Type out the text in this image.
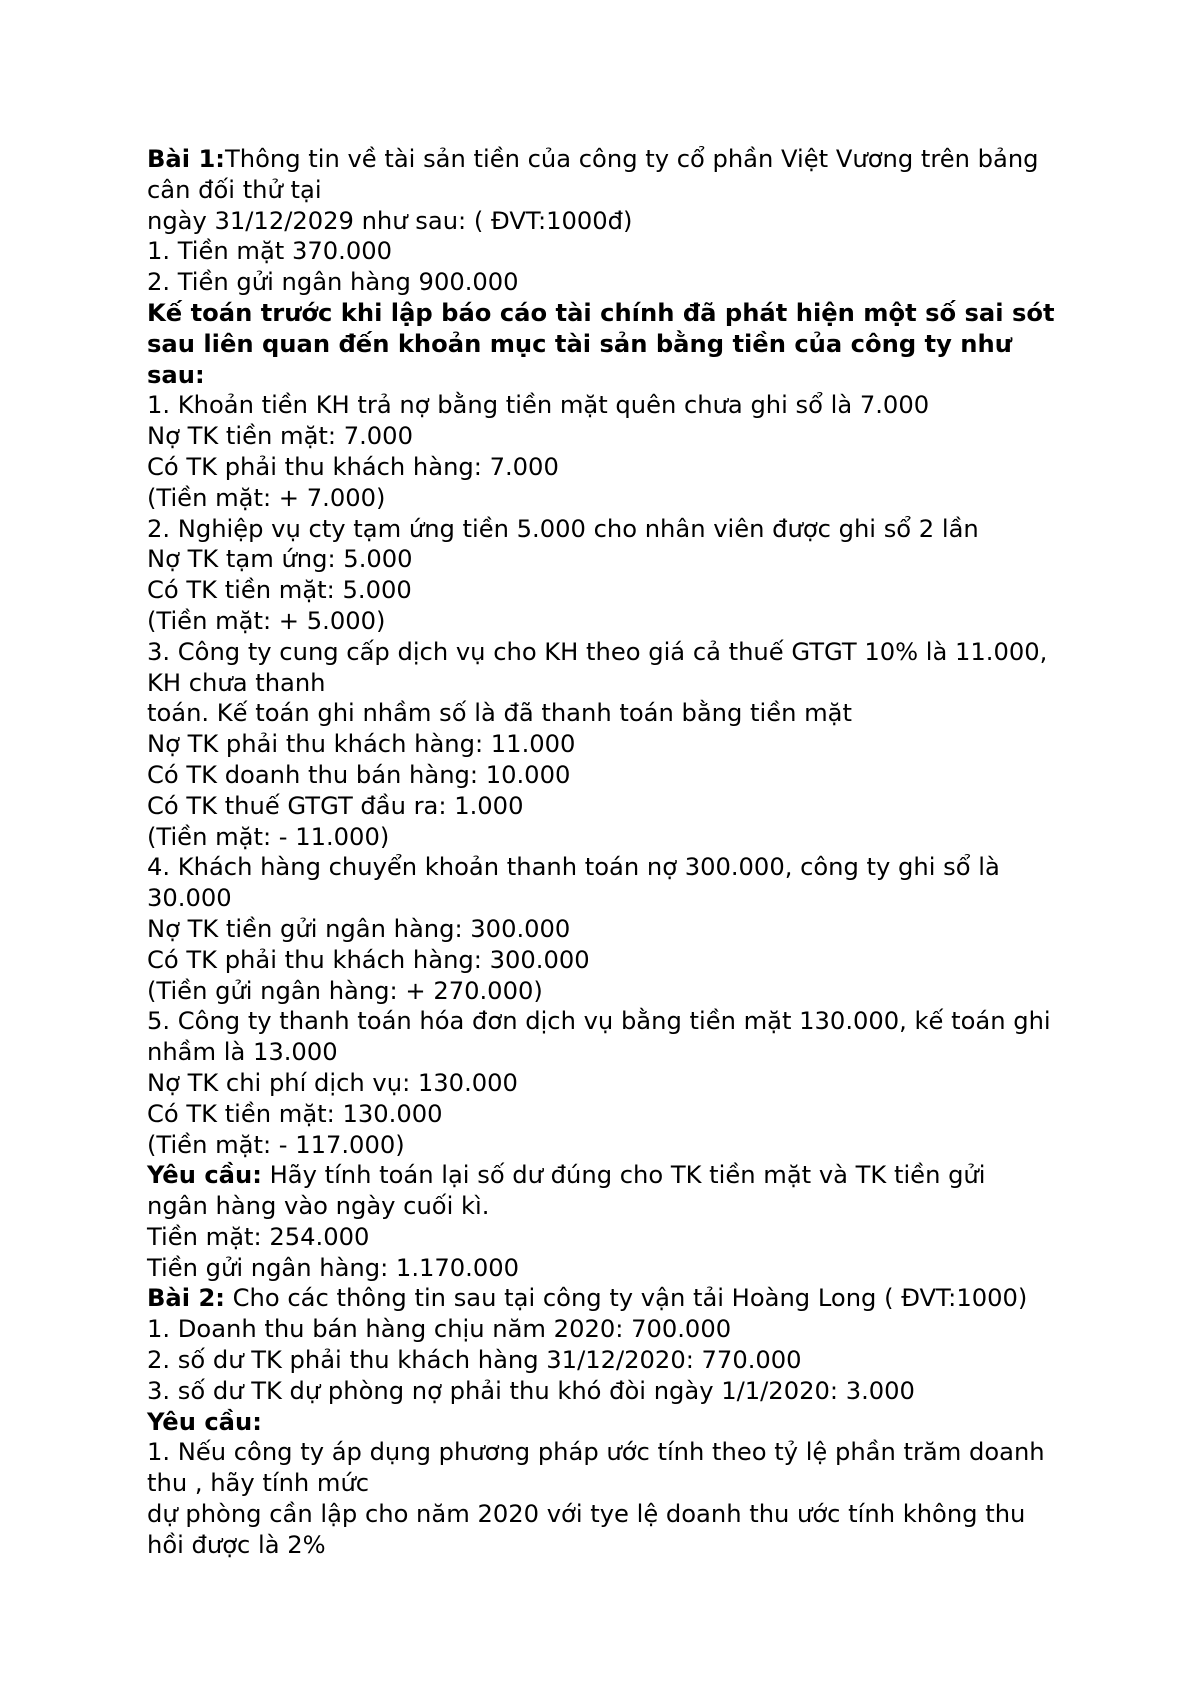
Bài 1:Thông tin về tài sản tiền của công ty cổ phần Việt Vương trên bảng

cân đối thử tại

ngày 31/12/2029 như sau: ( ĐVT:1000đ)

1. Tiền mặt 370.000

2. Tiền gửi ngân hàng 900.000

Kế toán trước khi lập báo cáo tài chính đã phát hiện một số sai sót

sau liên quan đến khoản mục tài sản bằng tiền của công ty như

sau:

1. Khoản tiền KH trả nợ bằng tiền mặt quên chưa ghi sổ là 7.000

Nợ TK tiền mặt: 7.000

Có TK phải thu khách hàng: 7.000

(Tiền mặt: + 7.000)

2. Nghiệp vụ cty tạm ứng tiền 5.000 cho nhân viên được ghi sổ 2 lần

Nợ TK tạm ứng: 5.000

Có TK tiền mặt: 5.000

(Tiền mặt: + 5.000)

3. Công ty cung cấp dịch vụ cho KH theo giá cả thuế GTGT 10% là 11.000,

KH chưa thanh

toán. Kế toán ghi nhầm số là đã thanh toán bằng tiền mặt

Nợ TK phải thu khách hàng: 11.000

Có TK doanh thu bán hàng: 10.000

Có TK thuế GTGT đầu ra: 1.000

(Tiền mặt: - 11.000)

4. Khách hàng chuyển khoản thanh toán nợ 300.000, công ty ghi sổ là

30.000

Nợ TK tiền gửi ngân hàng: 300.000

Có TK phải thu khách hàng: 300.000

(Tiền gửi ngân hàng: + 270.000)

5. Công ty thanh toán hóa đơn dịch vụ bằng tiền mặt 130.000, kế toán ghi

nhầm là 13.000

Nợ TK chi phí dịch vụ: 130.000

Có TK tiền mặt: 130.000

(Tiền mặt: - 117.000)

Yêu cầu: Hãy tính toán lại số dư đúng cho TK tiền mặt và TK tiền gửi

ngân hàng vào ngày cuối kì.

Tiền mặt: 254.000

Tiền gửi ngân hàng: 1.170.000

Bài 2: Cho các thông tin sau tại công ty vận tải Hoàng Long ( ĐVT:1000)

1. Doanh thu bán hàng chịu năm 2020: 700.000

2. số dư TK phải thu khách hàng 31/12/2020: 770.000

3. số dư TK dự phòng nợ phải thu khó đòi ngày 1/1/2020: 3.000

Yêu cầu:

1. Nếu công ty áp dụng phương pháp ước tính theo tỷ lệ phần trăm doanh

thu , hãy tính mức

dự phòng cần lập cho năm 2020 với tye lệ doanh thu ước tính không thu

hồi được là 2%
